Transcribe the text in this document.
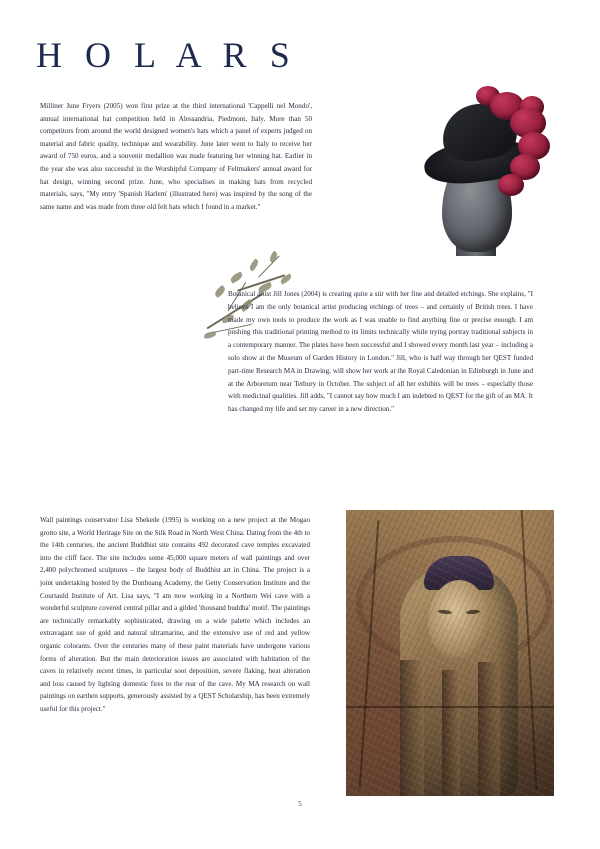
H O L A R S
Milliner June Fryers (2005) won first prize at the third international 'Cappelli nel Mondo', annual international hat competition held in Alessandria, Piedmont, Italy. More than 50 competitors from around the world designed women's hats which a panel of experts judged on material and fabric quality, technique and wearability. June later went to Italy to receive her award of 750 euros, and a souvenir medallion was made featuring her winning hat. Earlier in the year she was also successful in the Worshipful Company of Feltmakers' annual award for hat design, winning second prize. June, who specialises in making hats from recycled materials, says, "My entry 'Spanish Harlem' (illustrated here) was inspired by the song of the same name and was made from three old felt hats which I found in a market."
Botanical artist Jill Jones (2004) is creating quite a stir with her fine and detailed etchings. She explains, "I believe I am the only botanical artist producing etchings of trees – and certainly of British trees. I have made my own tools to produce the work as I was unable to find anything fine or precise enough. I am pushing this traditional printing method to its limits technically while trying portray traditional subjects in a contemporary manner. The plates have been successful and I showed every month last year – including a solo show at the Museum of Garden History in London." Jill, who is half way through her QEST funded part-time Research MA in Drawing, will show her work at the Royal Caledonian in Edinburgh in June and at the Arboretum near Tetbury in October. The subject of all her exhibits will be trees – especially those with medicinal qualities. Jill adds, "I cannot say how much I am indebted to QEST for the gift of an MA. It has changed my life and set my career in a new direction."
Wall paintings conservator Lisa Shekede (1995) is working on a new project at the Mogao grotto site, a World Heritage Site on the Silk Road in North West China. Dating from the 4th to the 14th centuries, the ancient Buddhist site contains 492 decorated cave temples excavated into the cliff face. The site includes some 45,000 square meters of wall paintings and over 2,400 polychromed sculptures – the largest body of Buddhist art in China. The project is a joint undertaking hosted by the Dunhuang Academy, the Getty Conservation Institute and the Courtauld Institute of Art. Lisa says, "I am now working in a Northern Wei cave with a wonderful sculpture covered central pillar and a gilded 'thousand buddha' motif. The paintings are technically remarkably sophisticated, drawing on a wide palette which includes an extravagant use of gold and natural ultramarine, and the extensive use of red and yellow organic colorants. Over the centuries many of these paint materials have undergone various forms of alteration. But the main deterioration issues are associated with habitation of the caves in relatively recent times, in particular soot deposition, severe flaking, heat alteration and loss caused by lighting domestic fires to the rear of the cave. My MA research on wall paintings on earthen supports, generously assisted by a QEST Scholarship, has been extremely useful for this project."
5
